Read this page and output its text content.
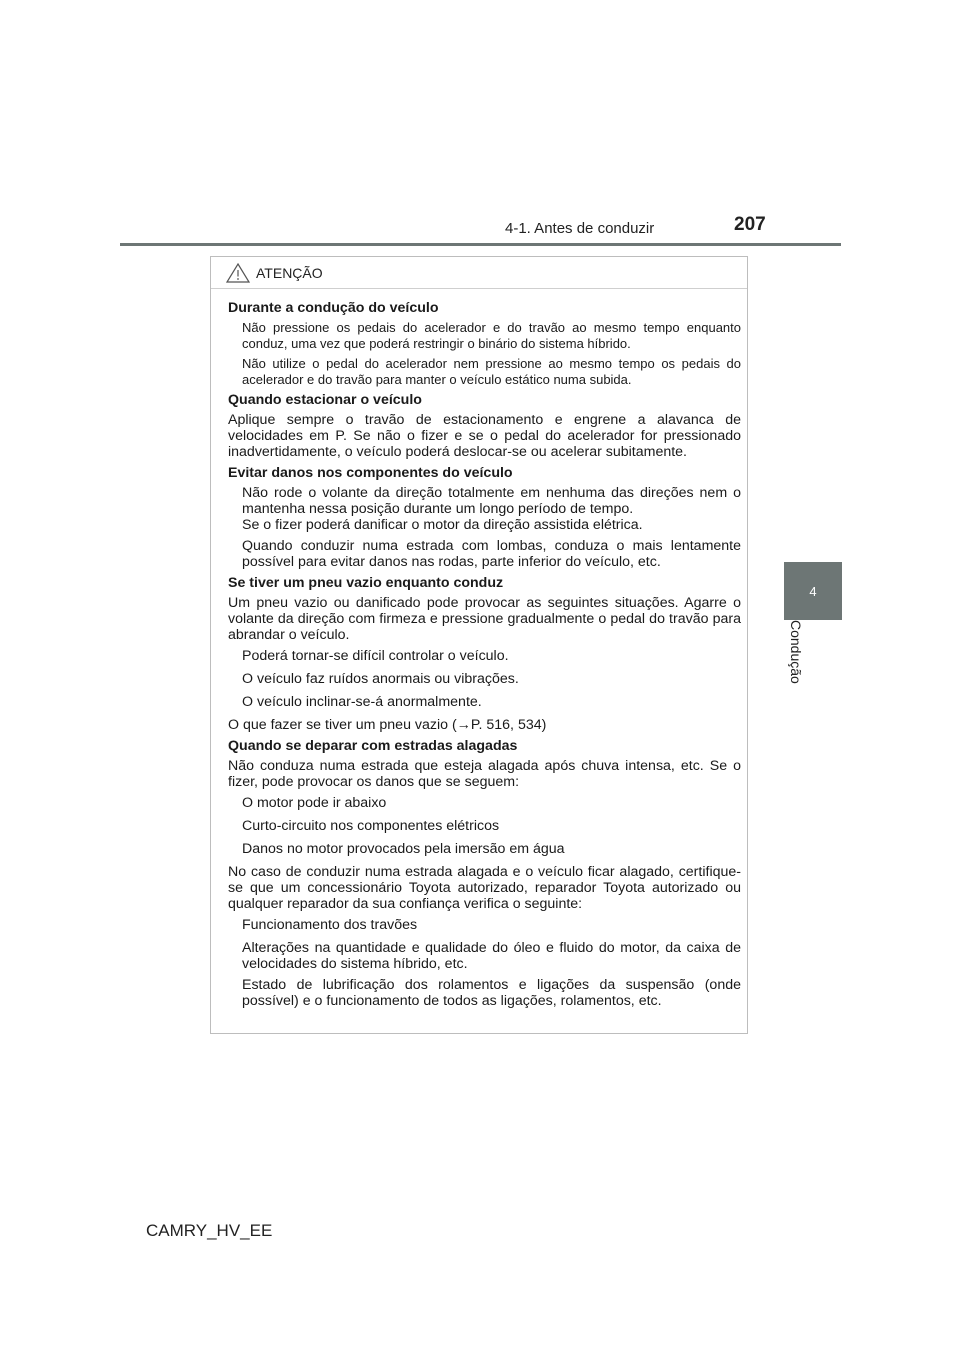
4-1. Antes de conduzir	207
4
Condução
ATENÇÃO

Durante a condução do veículo

Não pressione os pedais do acelerador e do travão ao mesmo tempo enquanto conduz, uma vez que poderá restringir o binário do sistema híbrido.

Não utilize o pedal do acelerador nem pressione ao mesmo tempo os pedais do acelerador e do travão para manter o veículo estático numa subida.

Quando estacionar o veículo

Aplique sempre o travão de estacionamento e engrene a alavanca de velocidades em P. Se não o fizer e se o pedal do acelerador for pressionado inadvertidamente, o veículo poderá deslocar-se ou acelerar subitamente.

Evitar danos nos componentes do veículo

Não rode o volante da direção totalmente em nenhuma das direções nem o mantenha nessa posição durante um longo período de tempo.

Se o fizer poderá danificar o motor da direção assistida elétrica.

Quando conduzir numa estrada com lombas, conduza o mais lentamente possível para evitar danos nas rodas, parte inferior do veículo, etc.

Se tiver um pneu vazio enquanto conduz

Um pneu vazio ou danificado pode provocar as seguintes situações. Agarre o volante da direção com firmeza e pressione gradualmente o pedal do travão para abrandar o veículo.

Poderá tornar-se difícil controlar o veículo.

O veículo faz ruídos anormais ou vibrações.

O veículo inclinar-se-á anormalmente.

O que fazer se tiver um pneu vazio (→P. 516, 534)

Quando se deparar com estradas alagadas

Não conduza numa estrada que esteja alagada após chuva intensa, etc. Se o fizer, pode provocar os danos que se seguem:

O motor pode ir abaixo

Curto-circuito nos componentes elétricos

Danos no motor provocados pela imersão em água

No caso de conduzir numa estrada alagada e o veículo ficar alagado, certifique-se que um concessionário Toyota autorizado, reparador Toyota autorizado ou qualquer reparador da sua confiança verifica o seguinte:

Funcionamento dos travões

Alterações na quantidade e qualidade do óleo e fluido do motor, da caixa de velocidades do sistema híbrido, etc.

Estado de lubrificação dos rolamentos e ligações da suspensão (onde possível) e o funcionamento de todos as ligações, rolamentos, etc.

CAMRY_HV_EE
